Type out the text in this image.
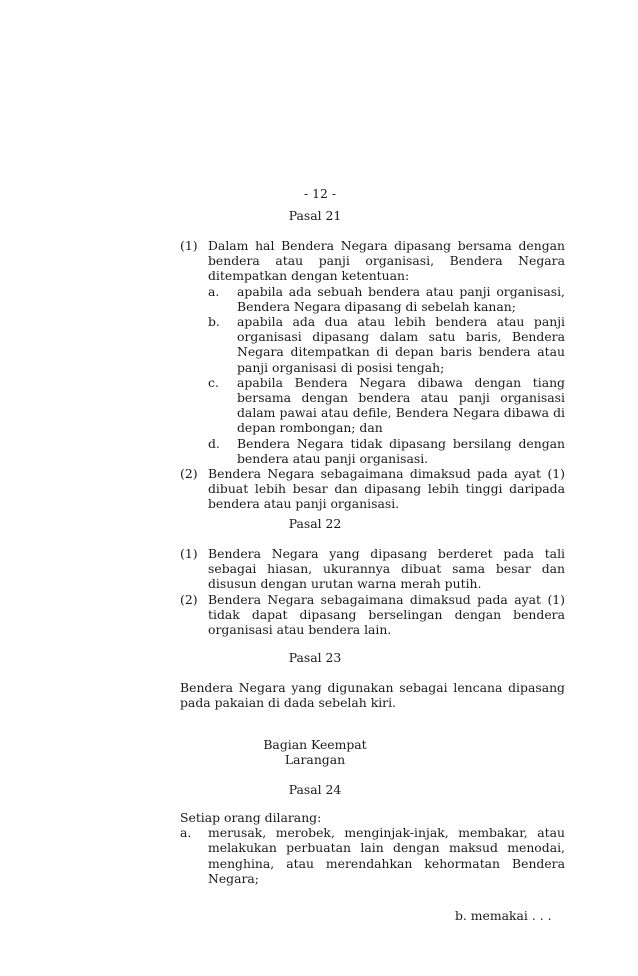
- 12 -
Pasal 21
(1) Dalam hal Bendera Negara dipasang bersama dengan bendera atau panji organisasi, Bendera Negara ditempatkan dengan ketentuan:
a.	apabila ada sebuah bendera atau panji organisasi, Bendera Negara dipasang di sebelah kanan;
b.	apabila ada dua atau lebih bendera atau panji organisasi dipasang dalam satu baris, Bendera Negara ditempatkan di depan baris bendera atau panji organisasi di posisi tengah;
c.	apabila Bendera Negara dibawa dengan tiang bersama dengan bendera atau panji organisasi dalam pawai atau defile, Bendera Negara dibawa di depan rombongan; dan
d.	Bendera Negara tidak dipasang bersilang dengan bendera atau panji organisasi.
(2) Bendera Negara sebagaimana dimaksud pada ayat (1) dibuat lebih besar dan dipasang lebih tinggi daripada bendera atau panji organisasi.
Pasal 22
(1) Bendera Negara yang dipasang berderet pada tali sebagai hiasan, ukurannya dibuat sama besar dan disusun dengan urutan warna merah putih.
(2) Bendera Negara sebagaimana dimaksud pada ayat (1) tidak dapat dipasang berselingan dengan bendera organisasi atau bendera lain.
Pasal 23
Bendera Negara yang digunakan sebagai lencana dipasang pada pakaian di dada sebelah kiri.
Bagian Keempat
Larangan
Pasal 24
Setiap orang dilarang:
a.	merusak, merobek, menginjak-injak, membakar, atau melakukan perbuatan lain dengan maksud menodai, menghina, atau merendahkan kehormatan Bendera Negara;
b. memakai . . .
